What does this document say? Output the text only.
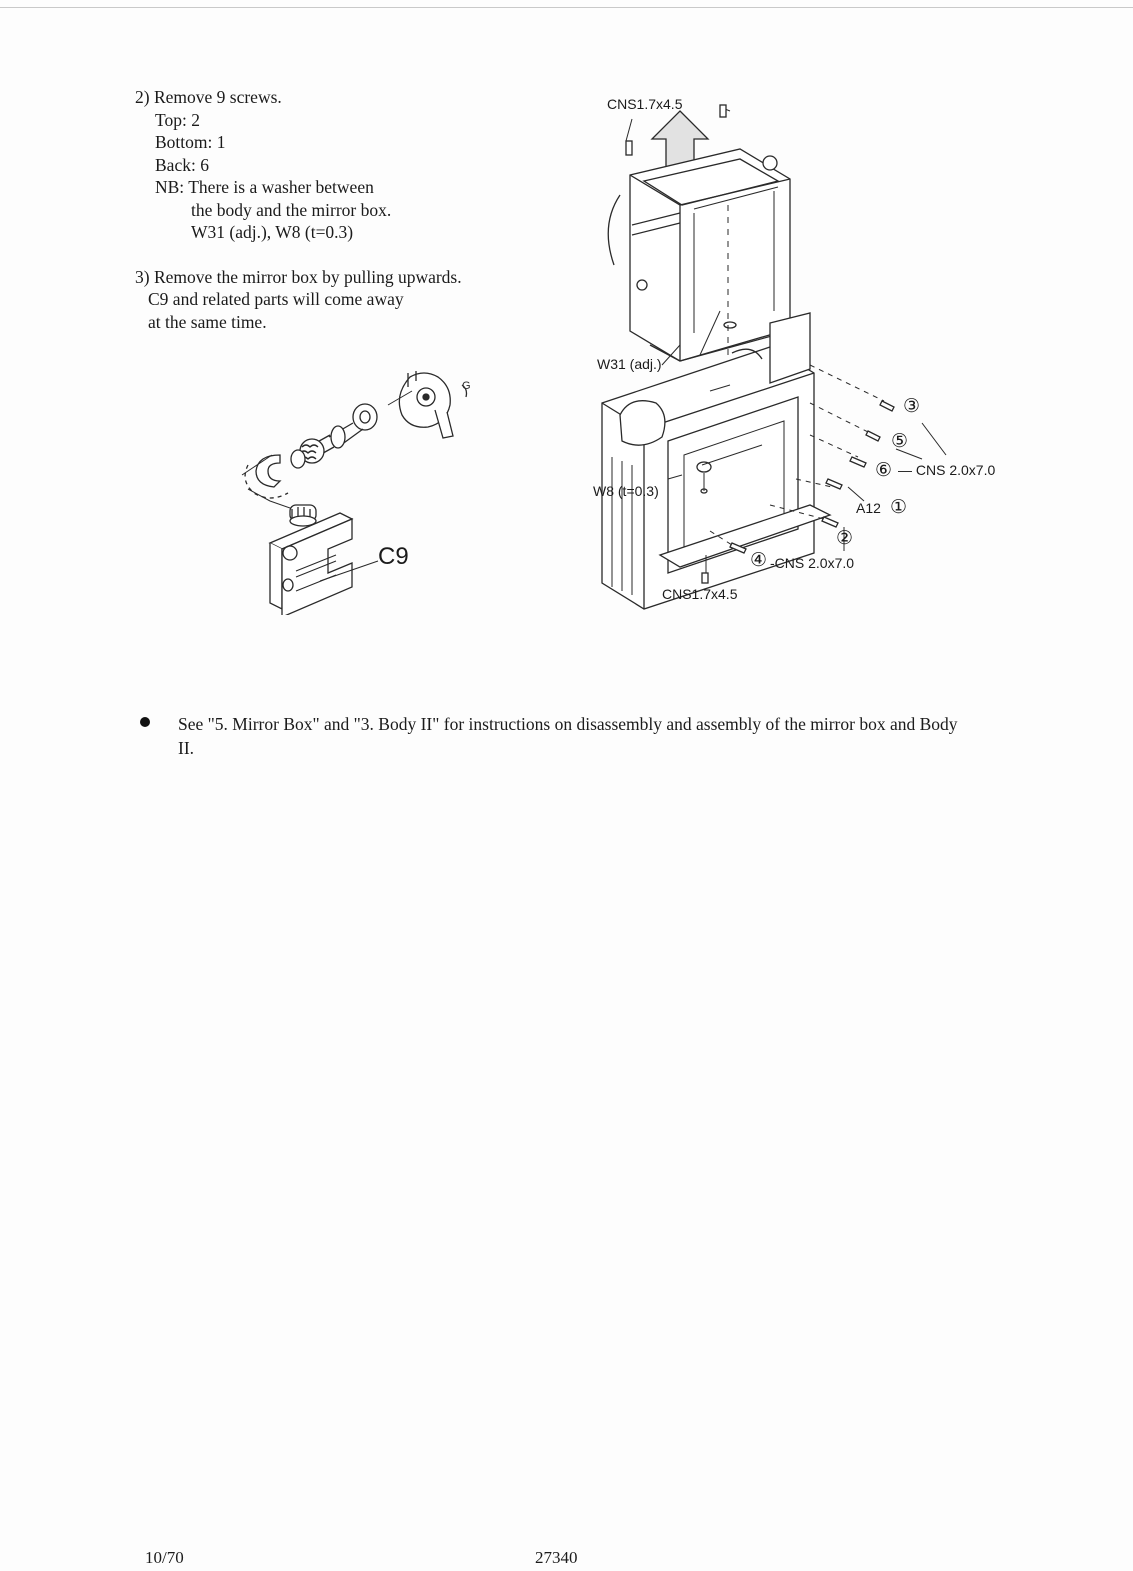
2) Remove 9 screws.
Top: 2
Bottom: 1
Back: 6
NB: There is a washer between
the body and the mirror box.
W31 (adj.), W8 (t=0.3)
3) Remove the mirror box by pulling upwards.
C9 and related parts will come away
at the same time.
G
C9
CNS1.7x4.5
W31 (adj.)
W8 (t=0.3)
CNS1.7x4.5
③
⑤
⑥ — CNS 2.0x7.0
A12 ①
②
④ -CNS 2.0x7.0
See "5. Mirror Box" and "3. Body II" for instructions on disassembly and assembly of the mirror box and Body II.
10/70	27340
